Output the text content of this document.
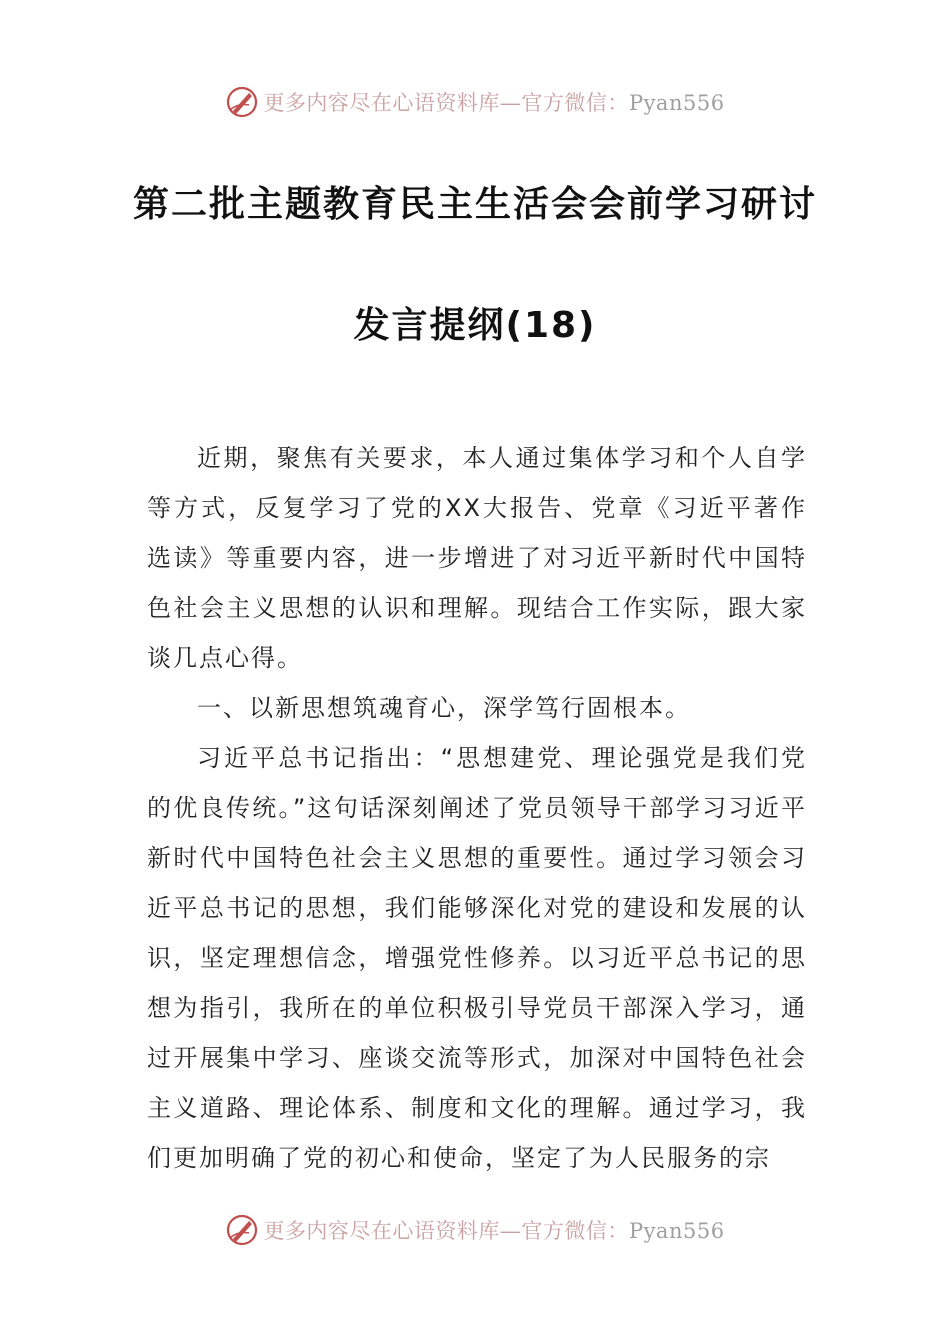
更多内容尽在心语资料库—官方微信：Pyan556
第二批主题教育民主生活会会前学习研讨
发言提纲(18)

近期，聚焦有关要求，本人通过集体学习和个人自学等方式，反复学习了党的XX大报告、党章《习近平著作选读》等重要内容，进一步增进了对习近平新时代中国特色社会主义思想的认识和理解。现结合工作实际，跟大家谈几点心得。

一、以新思想筑魂育心，深学笃行固根本。

习近平总书记指出：“思想建党、理论强党是我们党的优良传统。”这句话深刻阐述了党员领导干部学习习近平新时代中国特色社会主义思想的重要性。通过学习领会习近平总书记的思想，我们能够深化对党的建设和发展的认识，坚定理想信念，增强党性修养。以习近平总书记的思想为指引，我所在的单位积极引导党员干部深入学习，通过开展集中学习、座谈交流等形式，加深对中国特色社会主义道路、理论体系、制度和文化的理解。通过学习，我们更加明确了党的初心和使命，坚定了为人民服务的宗

更多内容尽在心语资料库—官方微信：Pyan556
